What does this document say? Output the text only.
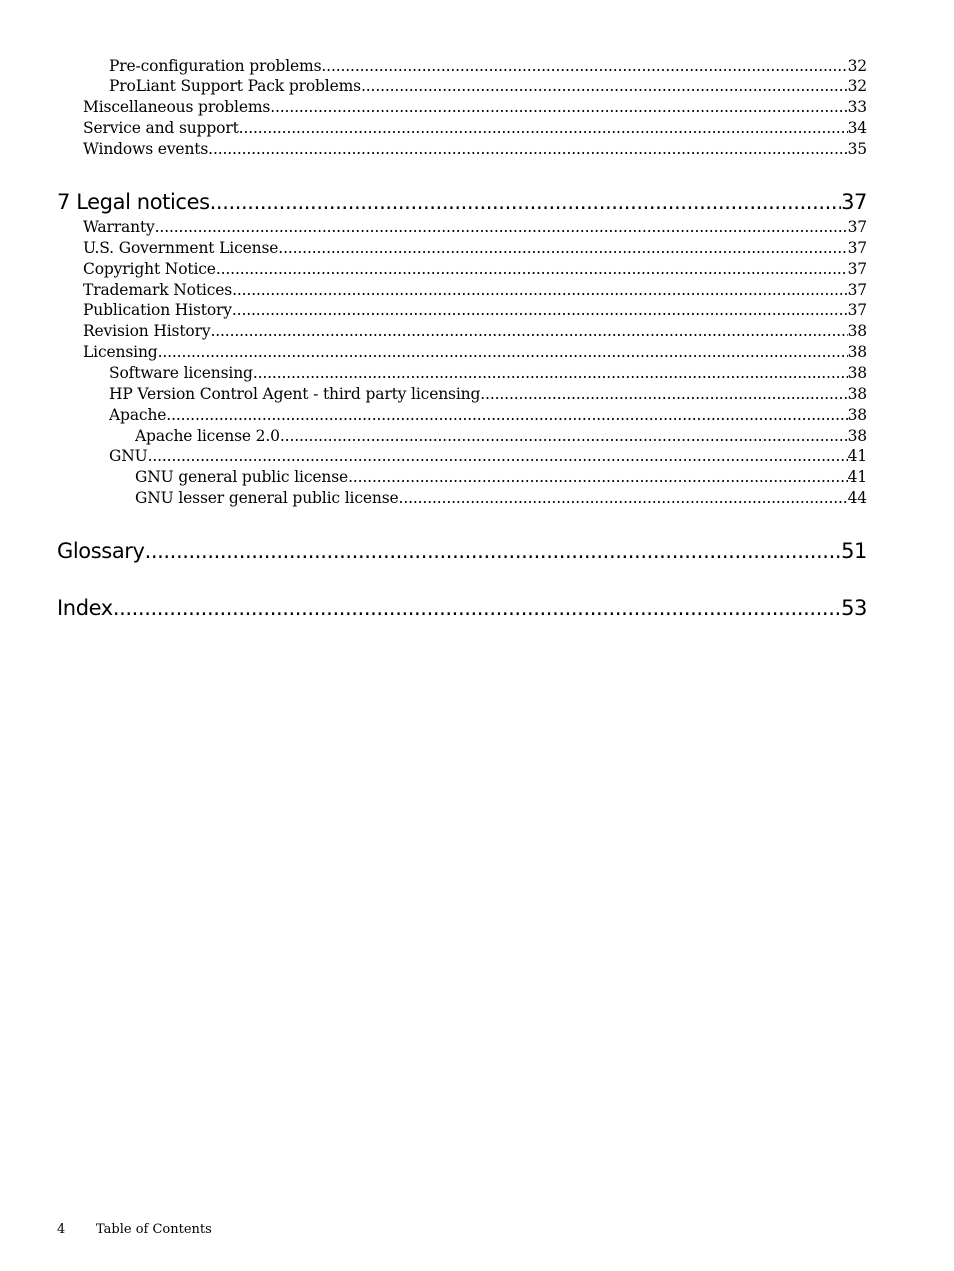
Pre-configuration problems .....	32
ProLiant Support Pack problems .....	32
Miscellaneous problems .....	33
Service and support .....	34
Windows events .....	35
7 Legal notices .....	37
Warranty .....	37
U.S. Government License .....	37
Copyright Notice .....	37
Trademark Notices .....	37
Publication History .....	37
Revision History .....	38
Licensing .....	38
Software licensing .....	38
HP Version Control Agent - third party licensing .....	38
Apache .....	38
Apache license 2.0 .....	38
GNU .....	41
GNU general public license .....	41
GNU lesser general public license .....	44
Glossary .....	51
Index .....	53
4 Table of Contents
